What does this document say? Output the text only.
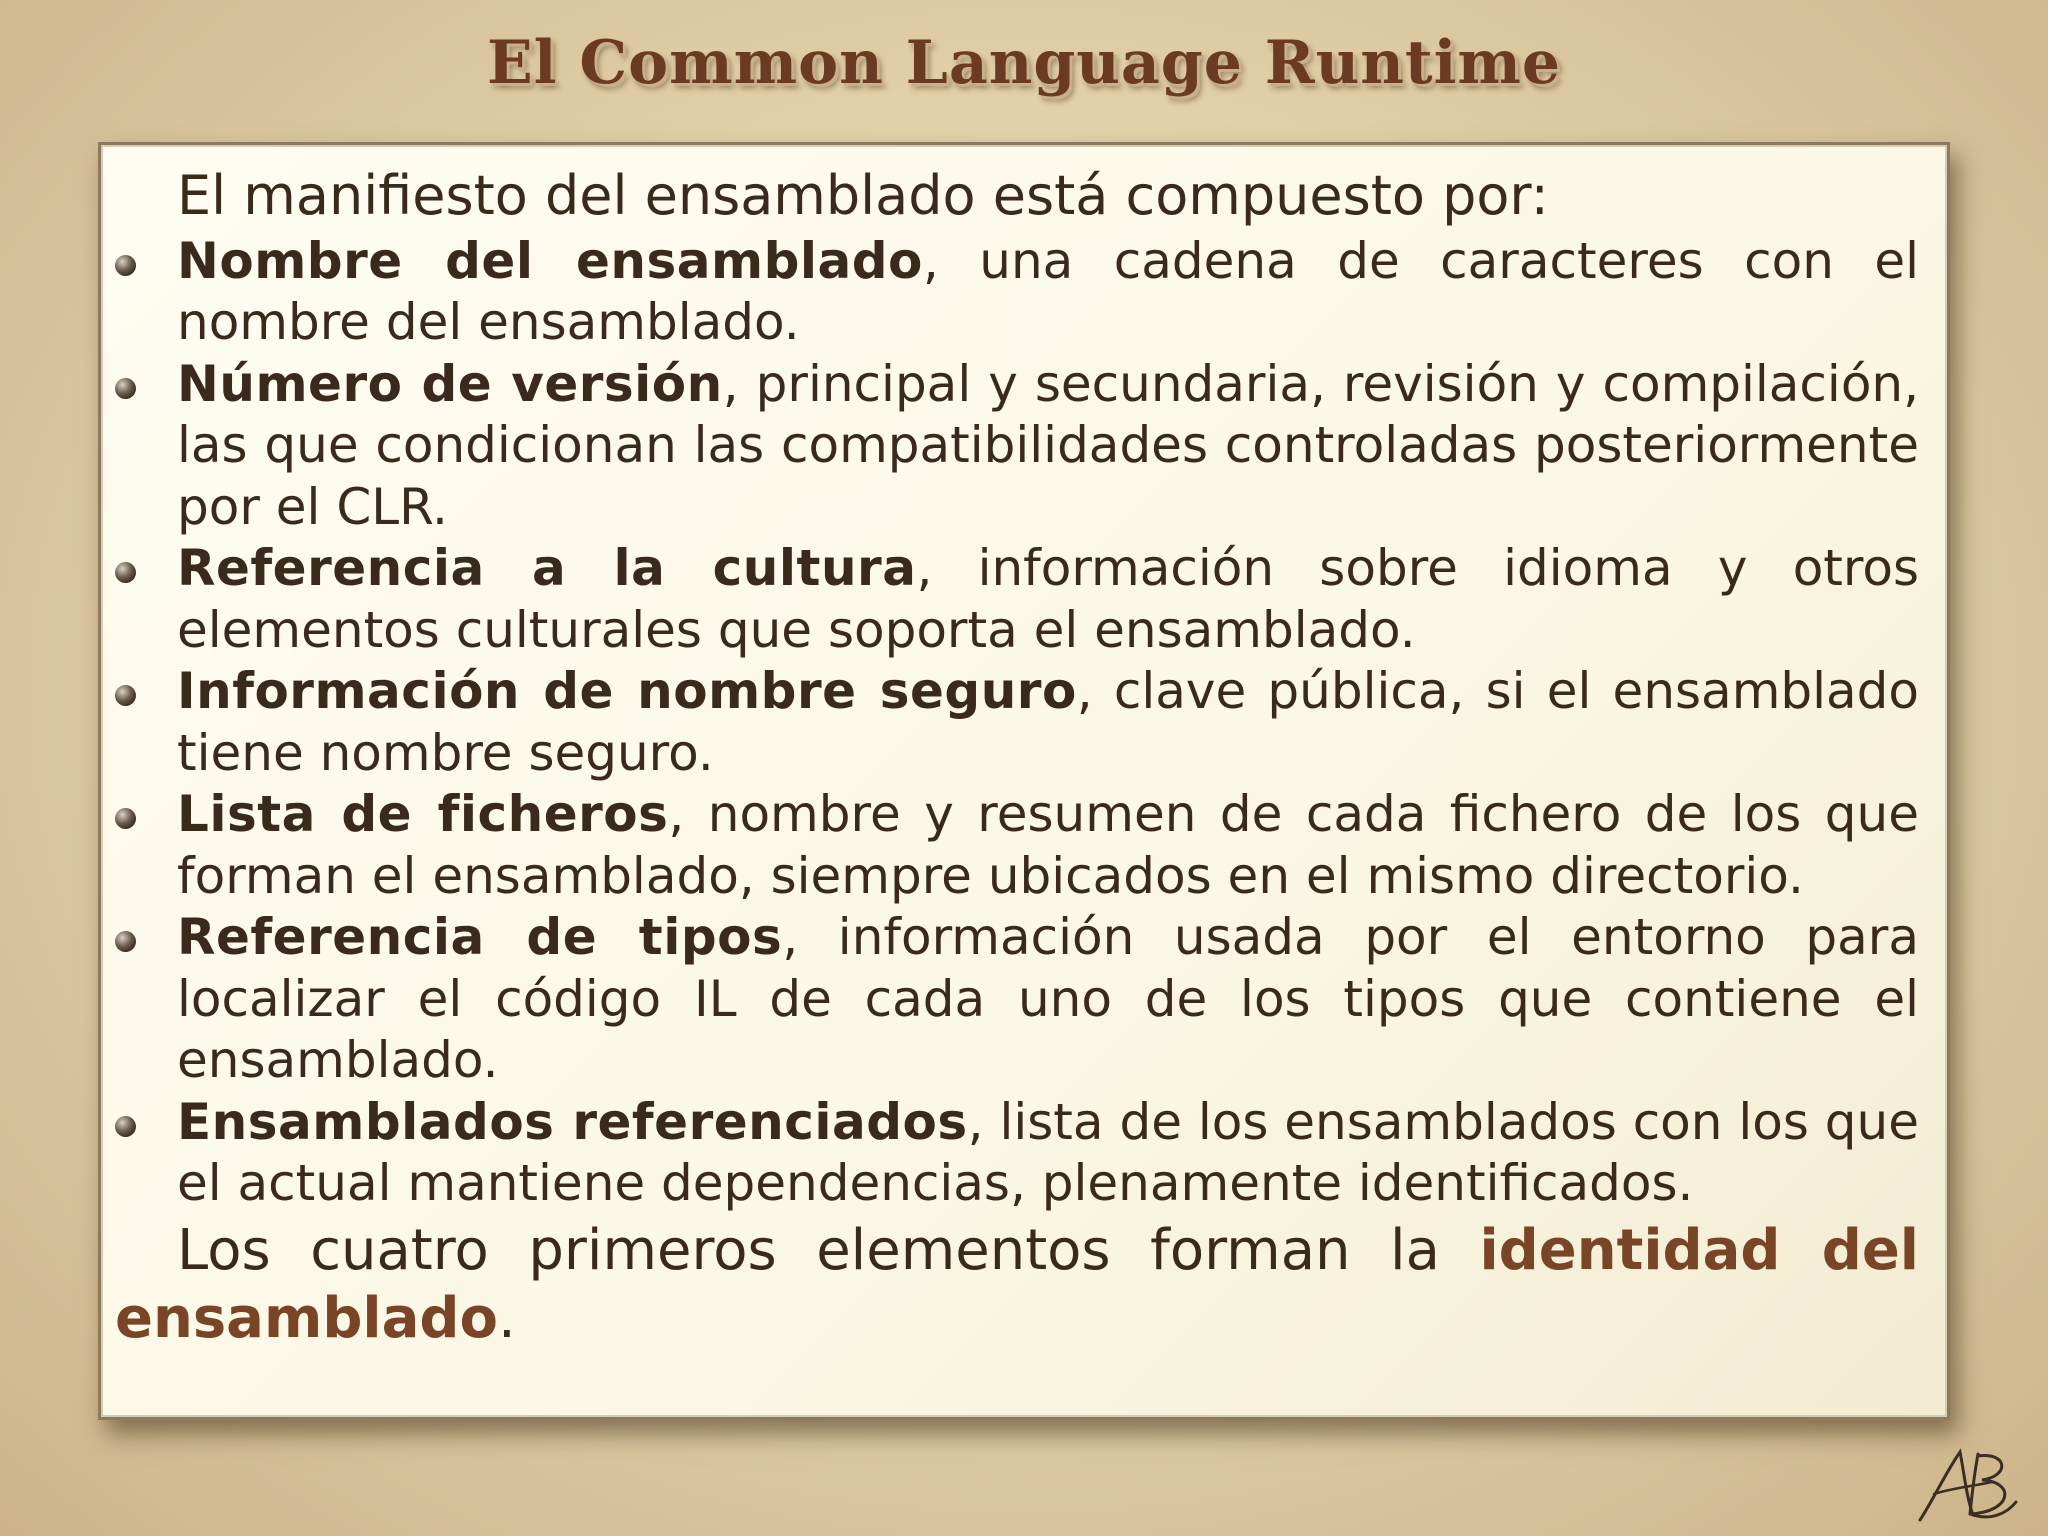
El Common Language Runtime
El manifiesto del ensamblado está compuesto por:
Nombre del ensamblado, una cadena de caracteres con el nombre del ensamblado.
Número de versión, principal y secundaria, revisión y compilación, las que condicionan las compatibilidades controladas posteriormente por el CLR.
Referencia a la cultura, información sobre idioma y otros elementos culturales que soporta el ensamblado.
Información de nombre seguro, clave pública, si el ensamblado tiene nombre seguro.
Lista de ficheros, nombre y resumen de cada fichero de los que forman el ensamblado, siempre ubicados en el mismo directorio.
Referencia de tipos, información usada por el entorno para localizar el código IL de cada uno de los tipos que contiene el ensamblado.
Ensamblados referenciados, lista de los ensamblados con los que el actual mantiene dependencias, plenamente identificados.
Los cuatro primeros elementos forman la identidad del ensamblado.
